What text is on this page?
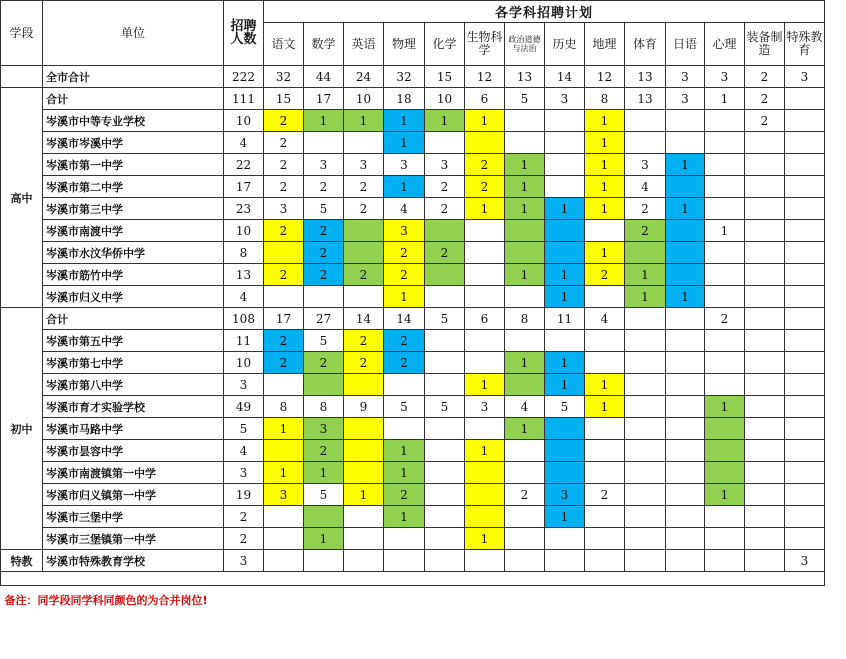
学段	单位	招聘人数	各学科招聘计划													
			语文	数学	英语	物理	化学	生物科学	政治道德与法治	历史	地理	体育	日语	心理	装备制造	特殊教育
	全市合计	222	32	44	24	32	15	12	13	14	12	13	3	3	2	3
高中	合计	111	15	17	10	18	10	6	5	3	8	13	3	1	2	
	岑溪市中等专业学校	10	2	1	1	1	1	1			1				2	
	岑溪市岑溪中学	4	2			1					1					
	岑溪市第一中学	22	2	3	3	3	3	2	1		1	3	1			
	岑溪市第二中学	17	2	2	2	1	2	2	1		1	4				
	岑溪市第三中学	23	3	5	2	4	2	1	1	1	1	2	1			
	岑溪市南渡中学	10	2	2		3						2		1		
	岑溪市水汶华侨中学	8		2		2	2				1					
	岑溪市筋竹中学	13	2	2	2	2			1	1	2	1				
	岑溪市归义中学	4				1				1		1	1			
初中	合计	108	17	27	14	14	5	6	8	11	4			2		
	岑溪市第五中学	11	2	5	2	2										
	岑溪市第七中学	10	2	2	2	2			1	1						
	岑溪市第八中学	3						1		1	1					
	岑溪市育才实验学校	49	8	8	9	5	5	3	4	5	1			1		
	岑溪市马路中学	5	1	3					1							
	岑溪市昙容中学	4		2		1		1								
	岑溪市南渡镇第一中学	3	1	1		1										
	岑溪市归义镇第一中学	19	3	5	1	2			2	3	2			1		
	岑溪市三堡中学	2				1				1						
	岑溪市三堡镇第一中学	2		1				1								
特教	岑溪市特殊教育学校	3														3

备注：同学段同学科同颜色的为合并岗位!																
